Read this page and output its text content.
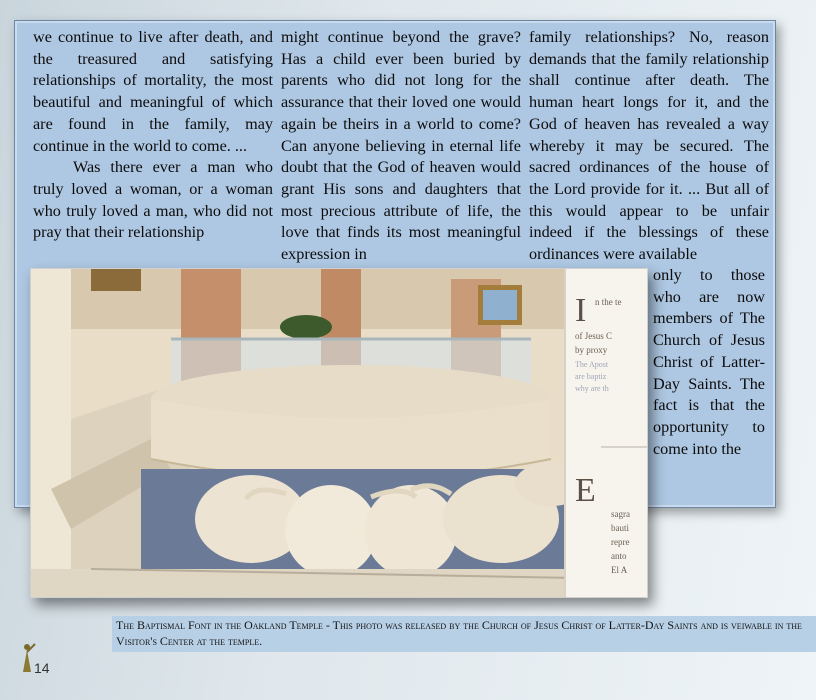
we continue to live after death, and the treasured and satisfying relationships of mortality, the most beautiful and meaningful of which are found in the family, may continue in the world to come. ...

Was there ever a man who truly loved a woman, or a woman who truly loved a man, who did not pray that their relationship

might continue beyond the grave? Has a child ever been buried by parents who did not long for the assurance that their loved one would again be theirs in a world to come? Can anyone believing in eternal life doubt that the God of heaven would grant His sons and daughters that most precious attribute of life, the love that finds its most meaningful expression in

family relationships? No, reason demands that the family relationship shall continue after death. The human heart longs for it, and the God of heaven has revealed a way whereby it may be secured. The sacred ordinances of the house of the Lord provide for it. ... But all of this would appear to be unfair indeed if the blessings of these ordinances were available

only to those who are now members of The Church of Jesus Christ of Latter-Day Saints. The fact is that the opportunity to come into the

I n the te
of Jesus C
by proxy
The Apost
are baptiz
why are th
E
sagra
bauti
repre
anto
El A
The Baptismal Font in the Oakland Temple - This photo was released by the Church of Jesus Christ of Latter-Day Saints and is veiwable in the Visitor's Center at the temple.
14
